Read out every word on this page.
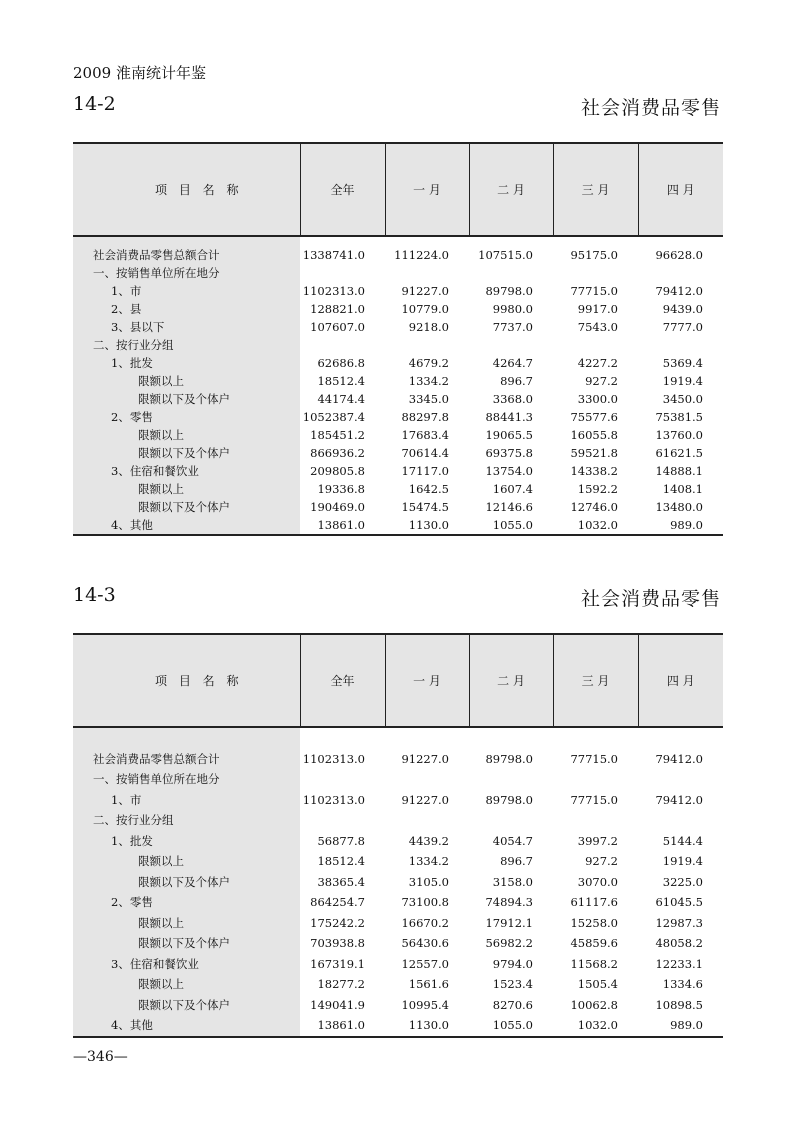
2009 淮南统计年鉴
14-2	社会消费品零售
项 目 名 称	全年	一 月	二 月	三 月	四 月

社会消费品零售总额合计	1338741.0	111224.0	107515.0	95175.0	96628.0
一、按销售单位所在地分					
1、市	1102313.0	91227.0	89798.0	77715.0	79412.0
2、县	128821.0	10779.0	9980.0	9917.0	9439.0
3、县以下	107607.0	9218.0	7737.0	7543.0	7777.0
二、按行业分组					
1、批发	62686.8	4679.2	4264.7	4227.2	5369.4
限额以上	18512.4	1334.2	896.7	927.2	1919.4
限额以下及个体户	44174.4	3345.0	3368.0	3300.0	3450.0
2、零售	1052387.4	88297.8	88441.3	75577.6	75381.5
限额以上	185451.2	17683.4	19065.5	16055.8	13760.0
限额以下及个体户	866936.2	70614.4	69375.8	59521.8	61621.5
3、住宿和餐饮业	209805.8	17117.0	13754.0	14338.2	14888.1
限额以上	19336.8	1642.5	1607.4	1592.2	1408.1
限额以下及个体户	190469.0	15474.5	12146.6	12746.0	13480.0
4、其他	13861.0	1130.0	1055.0	1032.0	989.0
14-3	社会消费品零售
项 目 名 称	全年	一 月	二 月	三 月	四 月

社会消费品零售总额合计	1102313.0	91227.0	89798.0	77715.0	79412.0
一、按销售单位所在地分					
1、市	1102313.0	91227.0	89798.0	77715.0	79412.0
二、按行业分组					
1、批发	56877.8	4439.2	4054.7	3997.2	5144.4
限额以上	18512.4	1334.2	896.7	927.2	1919.4
限额以下及个体户	38365.4	3105.0	3158.0	3070.0	3225.0
2、零售	864254.7	73100.8	74894.3	61117.6	61045.5
限额以上	175242.2	16670.2	17912.1	15258.0	12987.3
限额以下及个体户	703938.8	56430.6	56982.2	45859.6	48058.2
3、住宿和餐饮业	167319.1	12557.0	9794.0	11568.2	12233.1
限额以上	18277.2	1561.6	1523.4	1505.4	1334.6
限额以下及个体户	149041.9	10995.4	8270.6	10062.8	10898.5
4、其他	13861.0	1130.0	1055.0	1032.0	989.0
—346—
